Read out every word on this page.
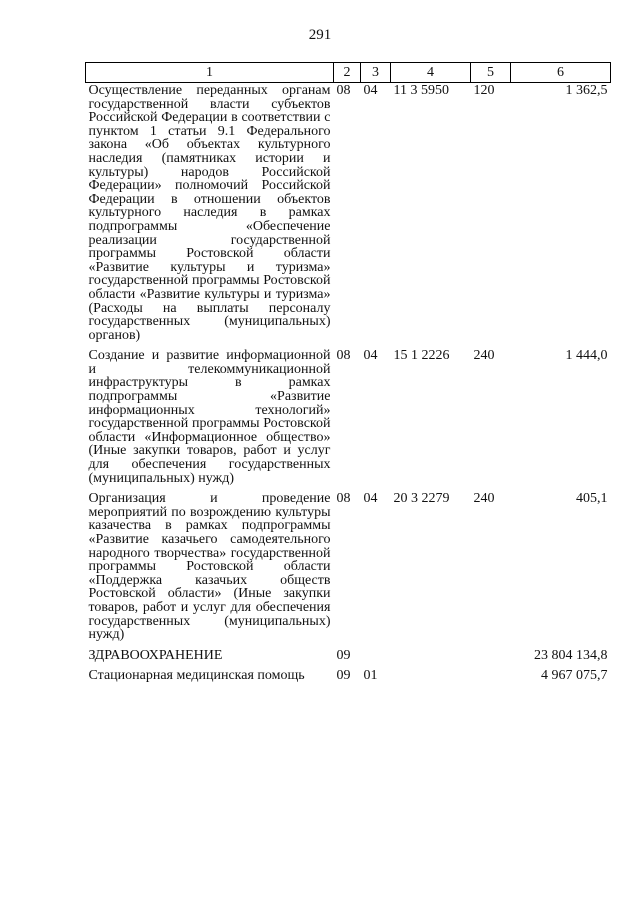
291
1	2	3	4	5	6
Осуществление переданных органам государственной власти субъектов Российской Федерации в соответствии с пунктом 1 статьи 9.1 Федерального закона «Об объектах культурного наследия (памятниках истории и культуры) народов Российской Федерации» полномочий Российской Федерации в отношении объектов культурного наследия в рамках подпрограммы «Обеспечение реализации государственной программы Ростовской области «Развитие культуры и туризма» государственной программы Ростовской области «Развитие культуры и туризма» (Расходы на выплаты персоналу государственных (муниципальных) органов)	08	04	11 3 5950	120	1 362,5
Создание и развитие информационной и телекоммуникационной инфраструктуры в рамках подпрограммы «Развитие информационных технологий» государственной программы Ростовской области «Информационное общество» (Иные закупки товаров, работ и услуг для обеспечения государственных (муниципальных) нужд)	08	04	15 1 2226	240	1 444,0
Организация и проведение мероприятий по возрождению культуры казачества в рамках подпрограммы «Развитие казачьего самодеятельного народного творчества» государственной программы Ростовской области «Поддержка казачьих обществ Ростовской области» (Иные закупки товаров, работ и услуг для обеспечения государственных (муниципальных) нужд)	08	04	20 3 2279	240	405,1
ЗДРАВООХРАНЕНИЕ	09				23 804 134,8
Стационарная медицинская помощь	09	01			4 967 075,7
